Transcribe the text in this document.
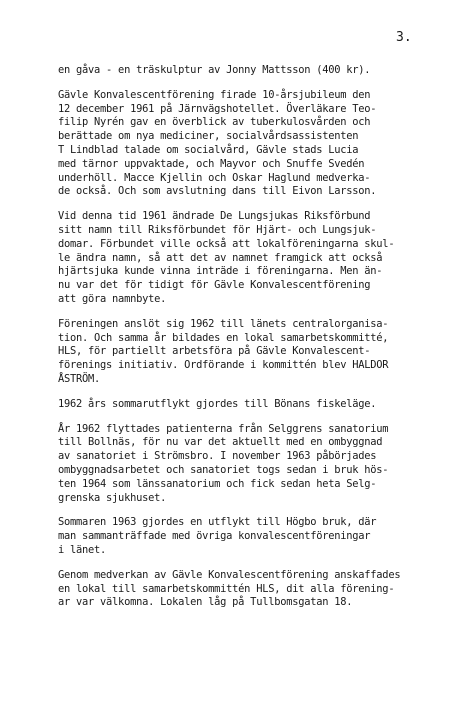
3.
en gåva - en träskulptur av Jonny Mattsson (400 kr).
Gävle Konvalescentförening firade 10-årsjubileum den
12 december 1961 på Järnvägshotellet. Överläkare Teo-
filip Nyrén gav en överblick av tuberkulosvården och
berättade om nya mediciner, socialvårdsassistenten
T Lindblad talade om socialvård, Gävle stads Lucia
med tärnor uppvaktade, och Mayvor och Snuffe Svedén
underhöll. Macce Kjellin och Oskar Haglund medverka-
de också. Och som avslutning dans till Eivon Larsson.
Vid denna tid 1961 ändrade De Lungsjukas Riksförbund
sitt namn till Riksförbundet för Hjärt- och Lungsjuk-
domar. Förbundet ville också att lokalföreningarna skul-
le ändra namn, så att det av namnet framgick att också
hjärtsjuka kunde vinna inträde i föreningarna. Men än-
nu var det för tidigt för Gävle Konvalescentförening
att göra namnbyte.
Föreningen anslöt sig 1962 till länets centralorganisa-
tion. Och samma år bildades en lokal samarbetskommitté,
HLS, för partiellt arbetsföra på Gävle Konvalescent-
förenings initiativ. Ordförande i kommittén blev HALDOR
ÅSTRÖM.
1962 års sommarutflykt gjordes till Bönans fiskeläge.
År 1962 flyttades patienterna från Selggrens sanatorium
till Bollnäs, för nu var det aktuellt med en ombyggnad
av sanatoriet i Strömsbro. I november 1963 påbörjades
ombyggnadsarbetet och sanatoriet togs sedan i bruk hös-
ten 1964 som länssanatorium och fick sedan heta Selg-
grenska sjukhuset.
Sommaren 1963 gjordes en utflykt till Högbo bruk, där
man sammanträffade med övriga konvalescentföreningar
i länet.
Genom medverkan av Gävle Konvalescentförening anskaffades
en lokal till samarbetskommittén HLS, dit alla förening-
ar var välkomna. Lokalen låg på Tullbomsgatan 18.
